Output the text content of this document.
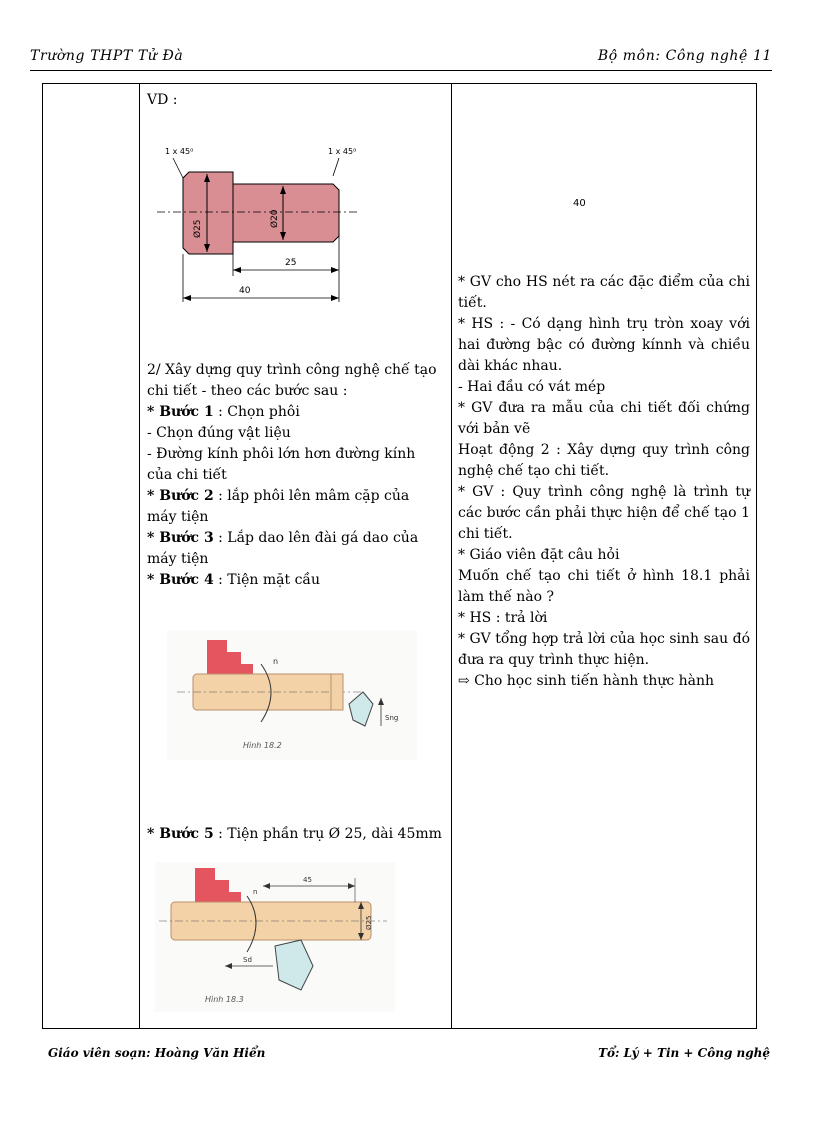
Trường THPT Tử Đà	Bộ môn: Công nghệ 11

VD :

1 x 45⁰	1 x 45⁰
Ø25
Ø20
25
40

2/ Xây dựng quy trình công nghệ chế tạo chi tiết - theo các bước sau :

* Bước 1 : Chọn phôi

- Chọn đúng vật liệu

- Đường kính phôi lớn hơn đường kính của chi tiết

* Bước 2 : lắp phôi lên mâm cặp của máy tiện

* Bước 3 : Lắp dao lên đài gá dao của máy tiện

* Bước 4 : Tiện mặt cầu

n
Sng
Hình 18.2

* Bước 5 : Tiện phần trụ Ø 25, dài 45mm

45
n
Ø25
Sd
Hình 18.3
40

* GV cho HS nét ra các đặc điểm của chi tiết.

* HS : - Có dạng hình trụ tròn xoay với hai đường bậc có đường kínnh và chiều dài khác nhau.

- Hai đầu có vát mép

* GV đưa ra mẫu của chi tiết đối chứng với bản vẽ

Hoạt động 2 : Xây dựng quy trình công nghệ chế tạo chi tiết.

* GV : Quy trình công nghệ là trình tự các bước cần phải thực hiện để chế tạo 1 chi tiết.

* Giáo viên đặt câu hỏi

Muốn chế tạo chi tiết ở hình 18.1 phải làm thế nào ?

* HS : trả lời

* GV tổng hợp trả lời của học sinh sau đó đưa ra quy trình thực hiện.

⇨ Cho học sinh tiến hành thực hành

Giáo viên soạn: Hoàng Văn Hiển	Tổ: Lý + Tin + Công nghệ
